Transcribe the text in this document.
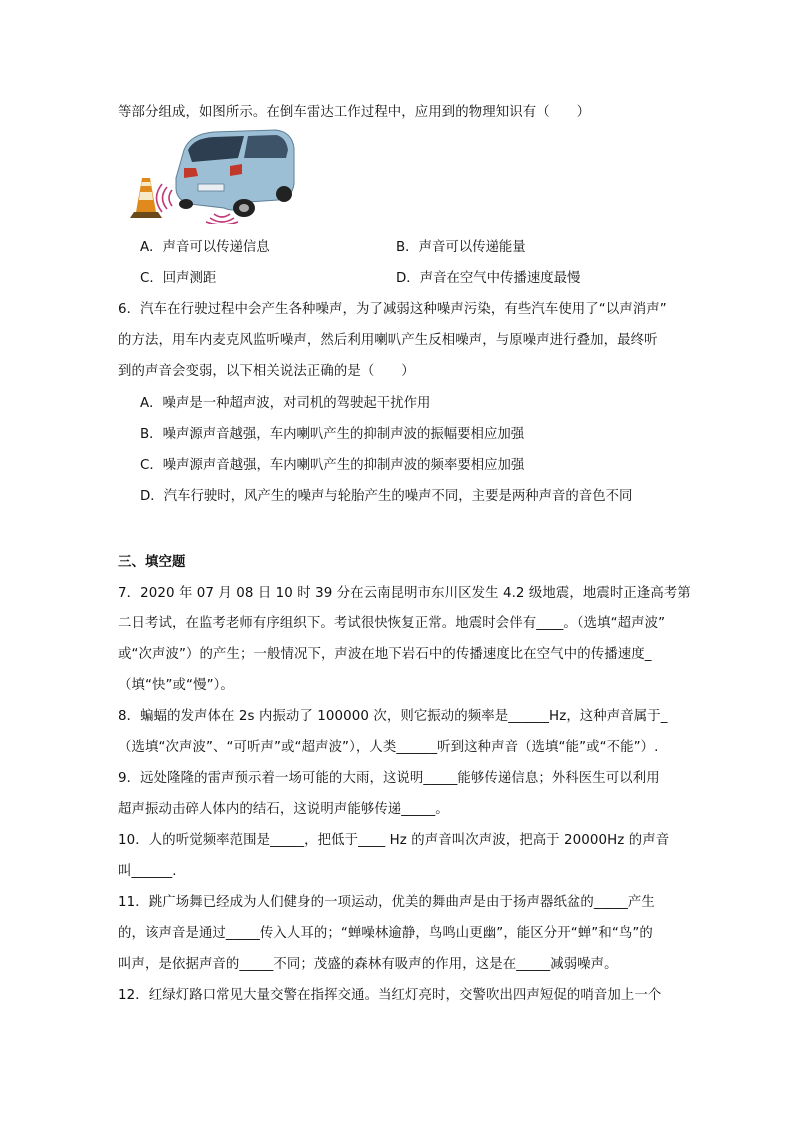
等部分组成，如图所示。在倒车雷达工作过程中，应用到的物理知识有（　　）
A．声音可以传递信息	B．声音可以传递能量
C．回声测距	D．声音在空气中传播速度最慢
6．汽车在行驶过程中会产生各种噪声，为了减弱这种噪声污染，有些汽车使用了“以声消声”
的方法，用车内麦克风监听噪声，然后利用喇叭产生反相噪声，与原噪声进行叠加，最终听
到的声音会变弱，以下相关说法正确的是（　　）
A．噪声是一种超声波，对司机的驾驶起干扰作用
B．噪声源声音越强，车内喇叭产生的抑制声波的振幅要相应加强
C．噪声源声音越强，车内喇叭产生的抑制声波的频率要相应加强
D．汽车行驶时，风产生的噪声与轮胎产生的噪声不同，主要是两种声音的音色不同
三、填空题
7．2020 年 07 月 08 日 10 时 39 分在云南昆明市东川区发生 4.2 级地震，地震时正逢高考第
二日考试，在监考老师有序组织下。考试很快恢复正常。地震时会伴有____。（选填“超声波”
或“次声波”）的产生；一般情况下，声波在地下岩石中的传播速度比在空气中的传播速度_
（填“快”或“慢”）。
8．蝙蝠的发声体在 2s 内振动了 100000 次，则它振动的频率是______Hz，这种声音属于_
（选填“次声波”、“可听声”或“超声波”），人类______听到这种声音（选填“能”或“不能”）.
9．远处隆隆的雷声预示着一场可能的大雨，这说明_____能够传递信息；外科医生可以利用
超声振动击碎人体内的结石，这说明声能够传递_____。
10．人的听觉频率范围是_____，把低于____ Hz 的声音叫次声波，把高于 20000Hz 的声音
叫______.
11．跳广场舞已经成为人们健身的一项运动，优美的舞曲声是由于扬声器纸盆的_____产生
的，该声音是通过_____传入人耳的；“蝉噪林逾静，鸟鸣山更幽”，能区分开“蝉”和“鸟”的
叫声，是依据声音的_____不同；茂盛的森林有吸声的作用，这是在_____减弱噪声。
12．红绿灯路口常见大量交警在指挥交通。当红灯亮时，交警吹出四声短促的哨音加上一个
